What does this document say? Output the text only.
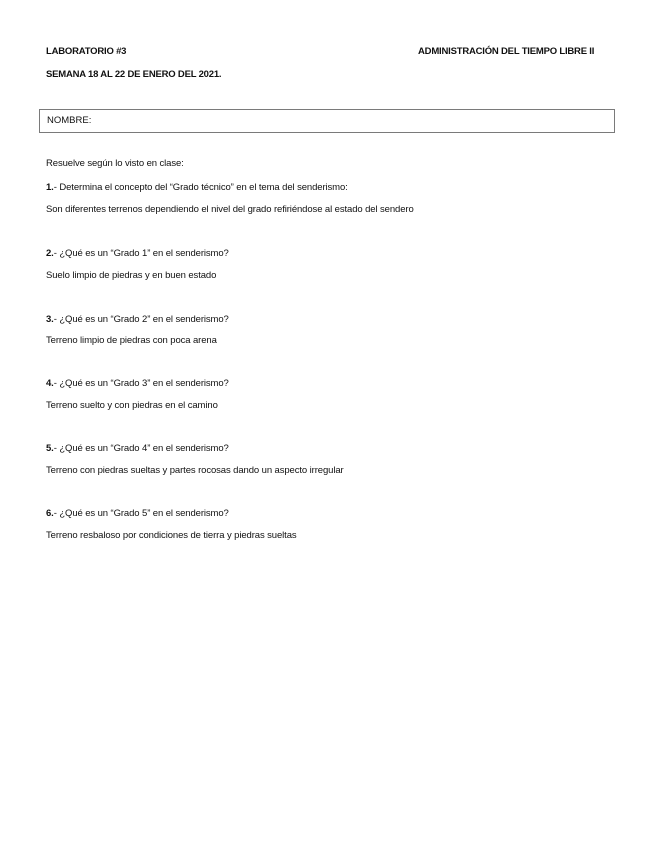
LABORATORIO #3	ADMINISTRACIÓN DEL TIEMPO LIBRE II
SEMANA 18 AL 22 DE ENERO DEL 2021.
NOMBRE:
Resuelve según lo visto en clase:
1.- Determina el concepto del “Grado técnico” en el tema del senderismo:
Son diferentes terrenos dependiendo el nivel del grado refiriéndose al estado del sendero
2.- ¿Qué es un “Grado 1” en el senderismo?
Suelo limpio de piedras y en buen estado
3.- ¿Qué es un “Grado 2” en el senderismo?
Terreno limpio de piedras con poca arena
4.- ¿Qué es un “Grado 3” en el senderismo?
Terreno suelto y con piedras en el camino
5.- ¿Qué es un “Grado 4” en el senderismo?
Terreno con piedras sueltas y partes rocosas dando un aspecto irregular
6.- ¿Qué es un “Grado 5” en el senderismo?
Terreno resbaloso por condiciones de tierra y piedras sueltas
